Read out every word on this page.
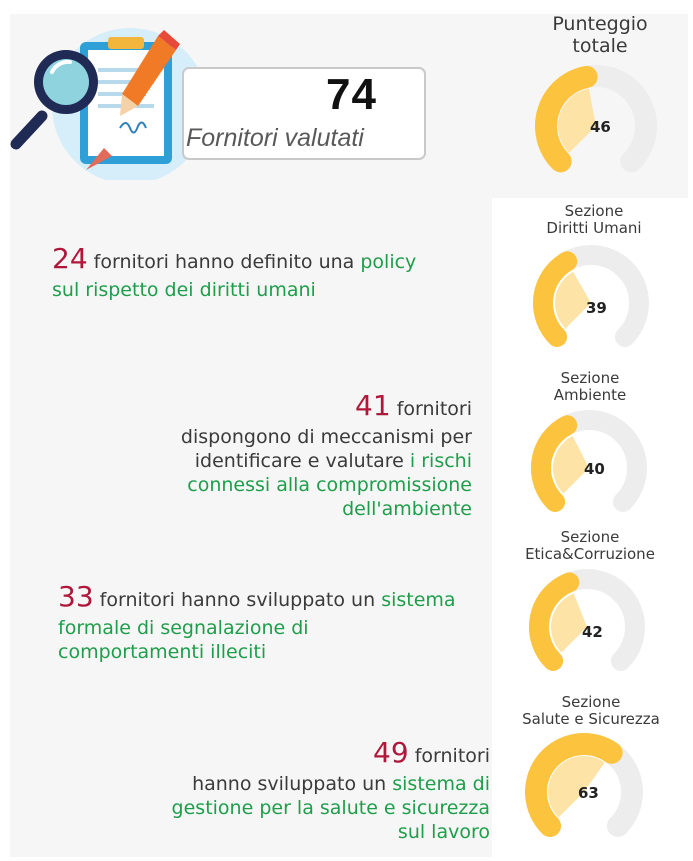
74
Fornitori valutati
Punteggio
totale
46
Sezione
Diritti Umani
39
Sezione
Ambiente
40
Sezione
Etica&Corruzione
42
Sezione
Salute e Sicurezza
63
24 fornitori hanno definito una policy
sul rispetto dei diritti umani
41 fornitori
dispongono di meccanismi per
identificare e valutare i rischi
connessi alla compromissione
dell'ambiente
33 fornitori hanno sviluppato un sistema
formale di segnalazione di
comportamenti illeciti
49 fornitori
hanno sviluppato un sistema di
gestione per la salute e sicurezza
sul lavoro
